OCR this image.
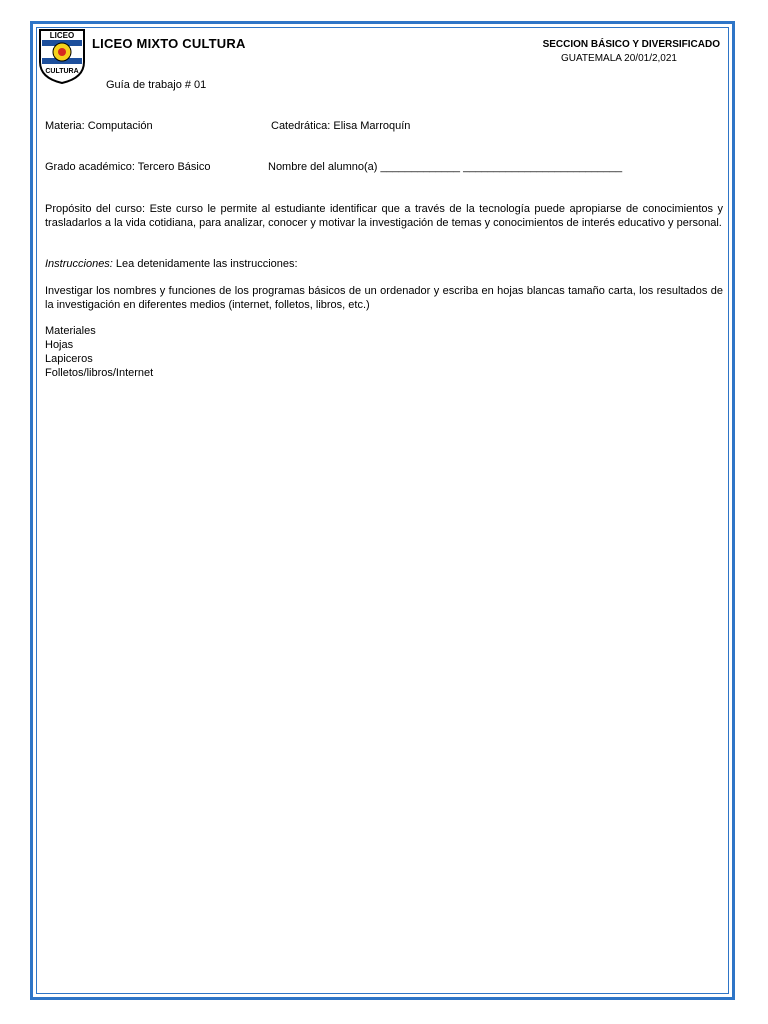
LICEO
CULTURA
LICEO MIXTO CULTURA	SECCION BÁSICO Y DIVERSIFICADO
GUATEMALA 20/01/2,021
Guía de trabajo # 01
Materia: Computación	Catedrática: Elisa Marroquín
Grado académico: Tercero Básico	Nombre del alumno(a) _____________ __________________________
Propósito del curso: Este curso le permite al estudiante identificar que a través de la tecnología puede apropiarse de conocimientos y trasladarlos a la vida cotidiana, para analizar, conocer y motivar la investigación de temas y conocimientos de interés educativo y personal.
Instrucciones: Lea detenidamente las instrucciones:
Investigar los nombres y funciones de los programas básicos de un ordenador y escriba en hojas blancas tamaño carta, los resultados de la investigación en diferentes medios (internet, folletos, libros, etc.)
Materiales
Hojas
Lapiceros
Folletos/libros/Internet
